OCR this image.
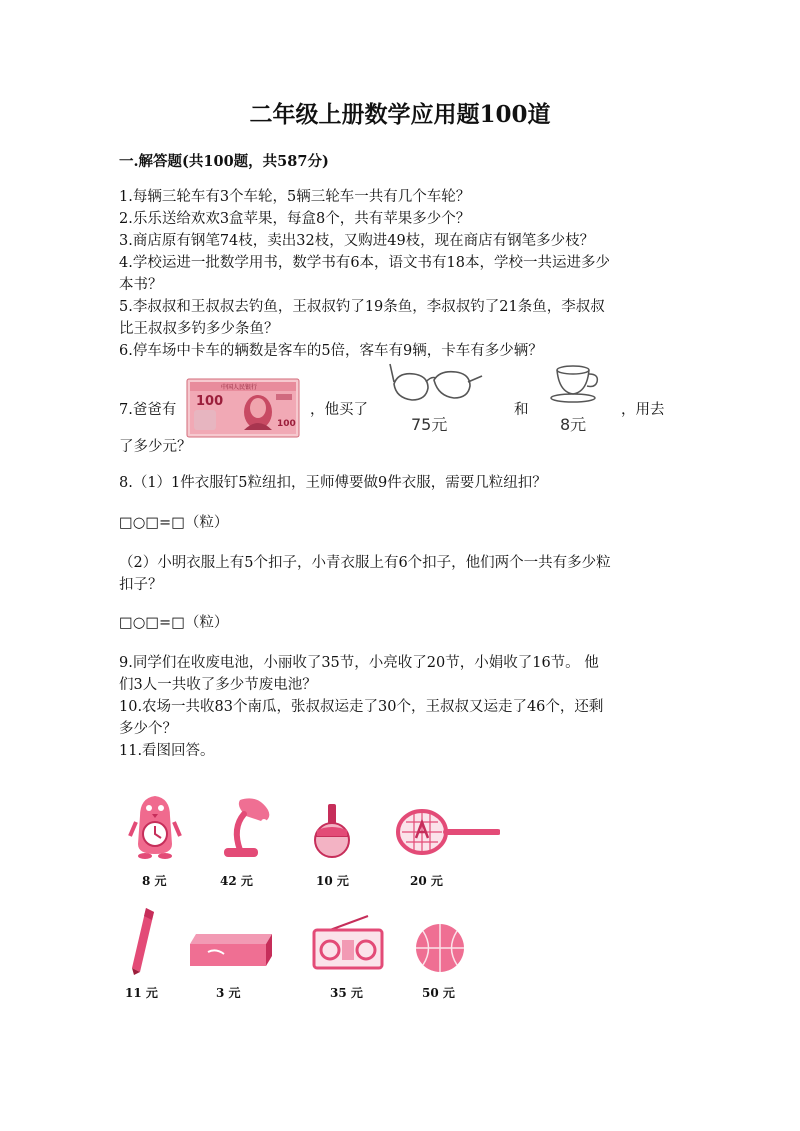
二年级上册数学应用题100道
一.解答题(共100题，共587分)
1.每辆三轮车有3个车轮，5辆三轮车一共有几个车轮？
2.乐乐送给欢欢3盒苹果，每盒8个，共有苹果多少个？
3.商店原有钢笔74枝，卖出32枝，又购进49枝，现在商店有钢笔多少枝？
4.学校运进一批数学用书，数学书有6本，语文书有18本，学校一共运进多少
本书？
5.李叔叔和王叔叔去钓鱼，王叔叔钓了19条鱼，李叔叔钓了21条鱼，李叔叔
比王叔叔多钓多少条鱼？
6.停车场中卡车的辆数是客车的5倍，客车有9辆，卡车有多少辆？
7.爸爸有
中国人民银行
100
100
，他买了
75元
和
8元
，用去
了多少元？
8.（1）1件衣服钉5粒纽扣，王师傅要做9件衣服，需要几粒纽扣？
□○□=□（粒）
（2）小明衣服上有5个扣子，小青衣服上有6个扣子，他们两个一共有多少粒
扣子？
□○□=□（粒）
9.同学们在收废电池，小丽收了35节，小亮收了20节，小娟收了16节。 他
们3人一共收了多少节废电池？
10.农场一共收83个南瓜，张叔叔运走了30个，王叔叔又运走了46个，还剩
多少个？
11.看图回答。
8 元	42 元	10 元	20 元
11 元	3 元	35 元	50 元
